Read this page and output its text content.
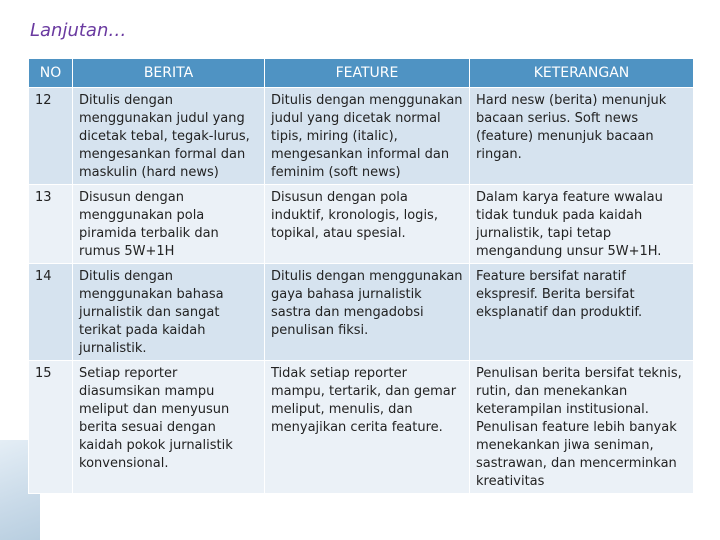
Lanjutan…
NO	BERITA	FEATURE	KETERANGAN
12	Ditulis dengan menggunakan judul yang dicetak tebal, tegak-lurus, mengesankan formal dan maskulin (hard news)	Ditulis dengan menggunakan judul yang dicetak normal tipis, miring (italic), mengesankan informal dan feminim (soft news)	Hard nesw (berita) menunjuk bacaan serius. Soft news (feature) menunjuk bacaan ringan.
13	Disusun dengan menggunakan pola piramida terbalik dan rumus 5W+1H	Disusun dengan pola induktif, kronologis, logis, topikal, atau spesial.	Dalam karya feature wwalau tidak tunduk pada kaidah jurnalistik, tapi tetap mengandung unsur 5W+1H.
14	Ditulis dengan menggunakan bahasa jurnalistik dan sangat terikat pada kaidah jurnalistik.	Ditulis dengan menggunakan gaya bahasa jurnalistik sastra dan mengadobsi penulisan fiksi.	Feature bersifat naratif ekspresif. Berita bersifat eksplanatif dan produktif.
15	Setiap reporter diasumsikan mampu meliput dan menyusun berita sesuai dengan kaidah pokok jurnalistik konvensional.	Tidak setiap reporter mampu, tertarik, dan gemar meliput, menulis, dan menyajikan cerita feature.	Penulisan berita bersifat teknis, rutin, dan menekankan keterampilan institusional. Penulisan feature lebih banyak menekankan jiwa seniman, sastrawan, dan mencerminkan kreativitas
